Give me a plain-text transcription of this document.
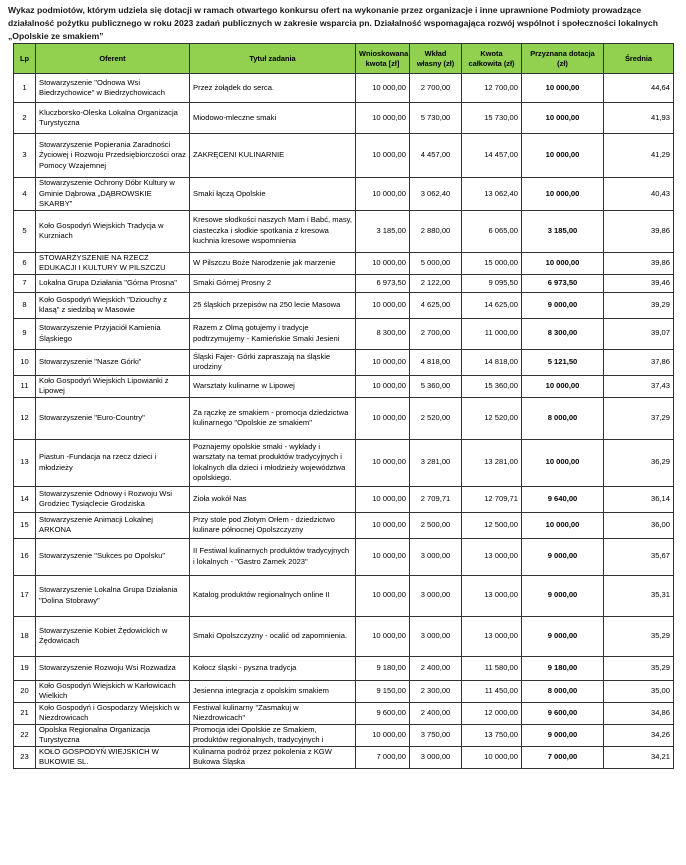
Wykaz podmiotów, którym udziela się dotacji w ramach otwartego konkursu ofert na wykonanie przez organizacje i inne uprawnione Podmioty prowadzące działalność pożytku publicznego w roku 2023 zadań publicznych w zakresie wsparcia pn. Działalność wspomagająca rozwój wspólnot i społeczności lokalnych „Opolskie ze smakiem”
Lp	Oferent	Tytuł zadania	Wnioskowana kwota [zł]	Wkład własny (zł)	Kwota całkowita (zł)	Przyznana dotacja (zł)	Średnia
1	Stowarzyszenie "Odnowa Wsi Biedrzychowice" w Biedrzychowicach	Przez żołądek do serca.	10 000,00	2 700,00	12 700,00	10 000,00	44,64
2	Kluczborsko-Oleska Lokalna Organizacja Turystyczna	Miodowo-mleczne smaki	10 000,00	5 730,00	15 730,00	10 000,00	41,93
3	Stowarzyszenie Popierania Zaradności Życiowej i Rozwoju Przedsiębiorczości oraz Pomocy Wzajemnej	ZAKRĘCENI KULINARNIE	10 000,00	4 457,00	14 457,00	10 000,00	41,29
4	Stowarzyszenie Ochrony Dóbr Kultury w Gminie Dąbrowa „DĄBROWSKIE SKARBY”	Smaki łączą Opolskie	10 000,00	3 062,40	13 062,40	10 000,00	40,43
5	Koło Gospodyń Wiejskich Tradycja w Kurzniach	Kresowe słodkości naszych Mam i Babć, masy, ciasteczka i słodkie spotkania z kresowa kuchnia kresowe wspomnienia	3 185,00	2 880,00	6 065,00	3 185,00	39,86
6	STOWARZYSZENIE NA RZECZ EDUKACJI I KULTURY W PILSZCZU	W Pilszczu Boże Narodzenie jak marzenie	10 000,00	5 000,00	15 000,00	10 000,00	39,86
7	Lokalna Grupa Działania "Górna Prosna"	Smaki Górnej Prosny 2	6 973,50	2 122,00	9 095,50	6 973,50	39,46
8	Koło Gospodyń Wiejskich "Dziouchy z klasą" z siedzibą w Masowie	25 śląskich przepisów na 250 lecie Masowa	10 000,00	4 625,00	14 625,00	9 000,00	39,29
9	Stowarzyszenie Przyjaciół Kamienia Śląskiego	Razem z Olmą gotujemy i tradycje podtrzymujemy - Kamieńskie Smaki Jesieni	8 300,00	2 700,00	11 000,00	8 300,00	39,07
10	Stowarzyszenie "Nasze Górki"	Śląski Fajer- Górki zapraszają na śląskie urodziny	10 000,00	4 818,00	14 818,00	5 121,50	37,86
11	Koło Gospodyń Wiejskich Lipowianki z Lipowej	Warsztaty kulinarne w Lipowej	10 000,00	5 360,00	15 360,00	10 000,00	37,43
12	Stowarzyszenie "Euro-Country"	Za rączkę ze smakiem - promocja dziedzictwa kulinarnego "Opolskie ze smakiem"	10 000,00	2 520,00	12 520,00	8 000,00	37,29
13	Piastun -Fundacja na rzecz dzieci i młodzieży	Poznajemy opolskie smaki - wykłady i warsztaty na temat produktów tradycyjnych i lokalnych dla dzieci i młodzieży województwa opolskiego.	10 000,00	3 281,00	13 281,00	10 000,00	36,29
14	Stowarzyszenie Odnowy i Rozwoju Wsi Grodziec Tysiąclecie Grodziska	Zioła wokół Nas	10 000,00	2 709,71	12 709,71	9 640,00	36,14
15	Stowarzyszenie Animacji Lokalnej ARKONA	Przy stole pod Złotym Orłem - dziedzictwo kulinare północnej Opolszczyzny	10 000,00	2 500,00	12 500,00	10 000,00	36,00
16	Stowarzyszenie "Sukces po Opolsku"	II Festiwal kulinarnych produktów tradycyjnych i lokalnych - "Gastro Zamek 2023"	10 000,00	3 000,00	13 000,00	9 000,00	35,67
17	Stowarzyszenie Lokalna Grupa Działania "Dolina Stobrawy"	Katalog produktów regionalnych online II	10 000,00	3 000,00	13 000,00	9 000,00	35,31
18	Stowarzyszenie Kobiet Żędowickich w Żędowicach	Smaki Opolszczyzny - ocalić od zapomnienia.	10 000,00	3 000,00	13 000,00	9 000,00	35,29
19	Stowarzyszenie Rozwoju Wsi Rozwadza	Kołocz śląski - pyszna tradycja	9 180,00	2 400,00	11 580,00	9 180,00	35,29
20	Koło Gospodyń Wiejskich w Karłowicach Wielkich	Jesienna integracja z opolskim smakiem	9 150,00	2 300,00	11 450,00	8 000,00	35,00
21	Koło Gospodyń i Gospodarzy Wiejskich w Niezdrowicach	Festiwal kulinarny "Zasmakuj w Niezdrowicach"	9 600,00	2 400,00	12 000,00	9 600,00	34,86
22	Opolska Regionalna Organizacja Turystyczna	Promocja idei Opolskie ze Smakiem, produktów regionalnych, tradycyjnych i	10 000,00	3 750,00	13 750,00	9 000,00	34,26
23	KOŁO GOSPODYŃ WIEJSKICH W BUKOWIE SL.	Kulinarna podróż przez pokolenia z KGW Bukowa Śląska	7 000,00	3 000,00	10 000,00	7 000,00	34,21
